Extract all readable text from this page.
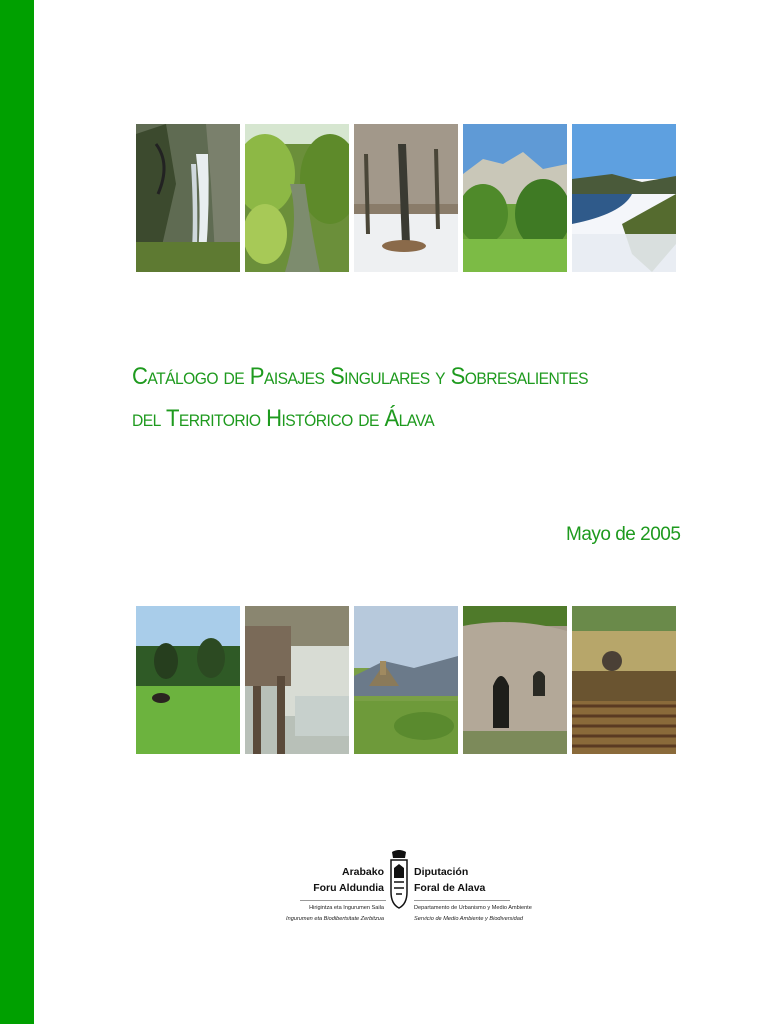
Catálogo de Paisajes Singulares y Sobresalientes
del Territorio Histórico de Álava
Mayo de 2005
Arabako
Foru Aldundia
Diputación
Foral de Alava
Hirigintza eta Ingurumen Saila
Ingurumen eta Biodibertsitate Zerbitzua
Departamento de Urbanismo y Medio Ambiente
Servicio de Medio Ambiente y Biodiversidad
